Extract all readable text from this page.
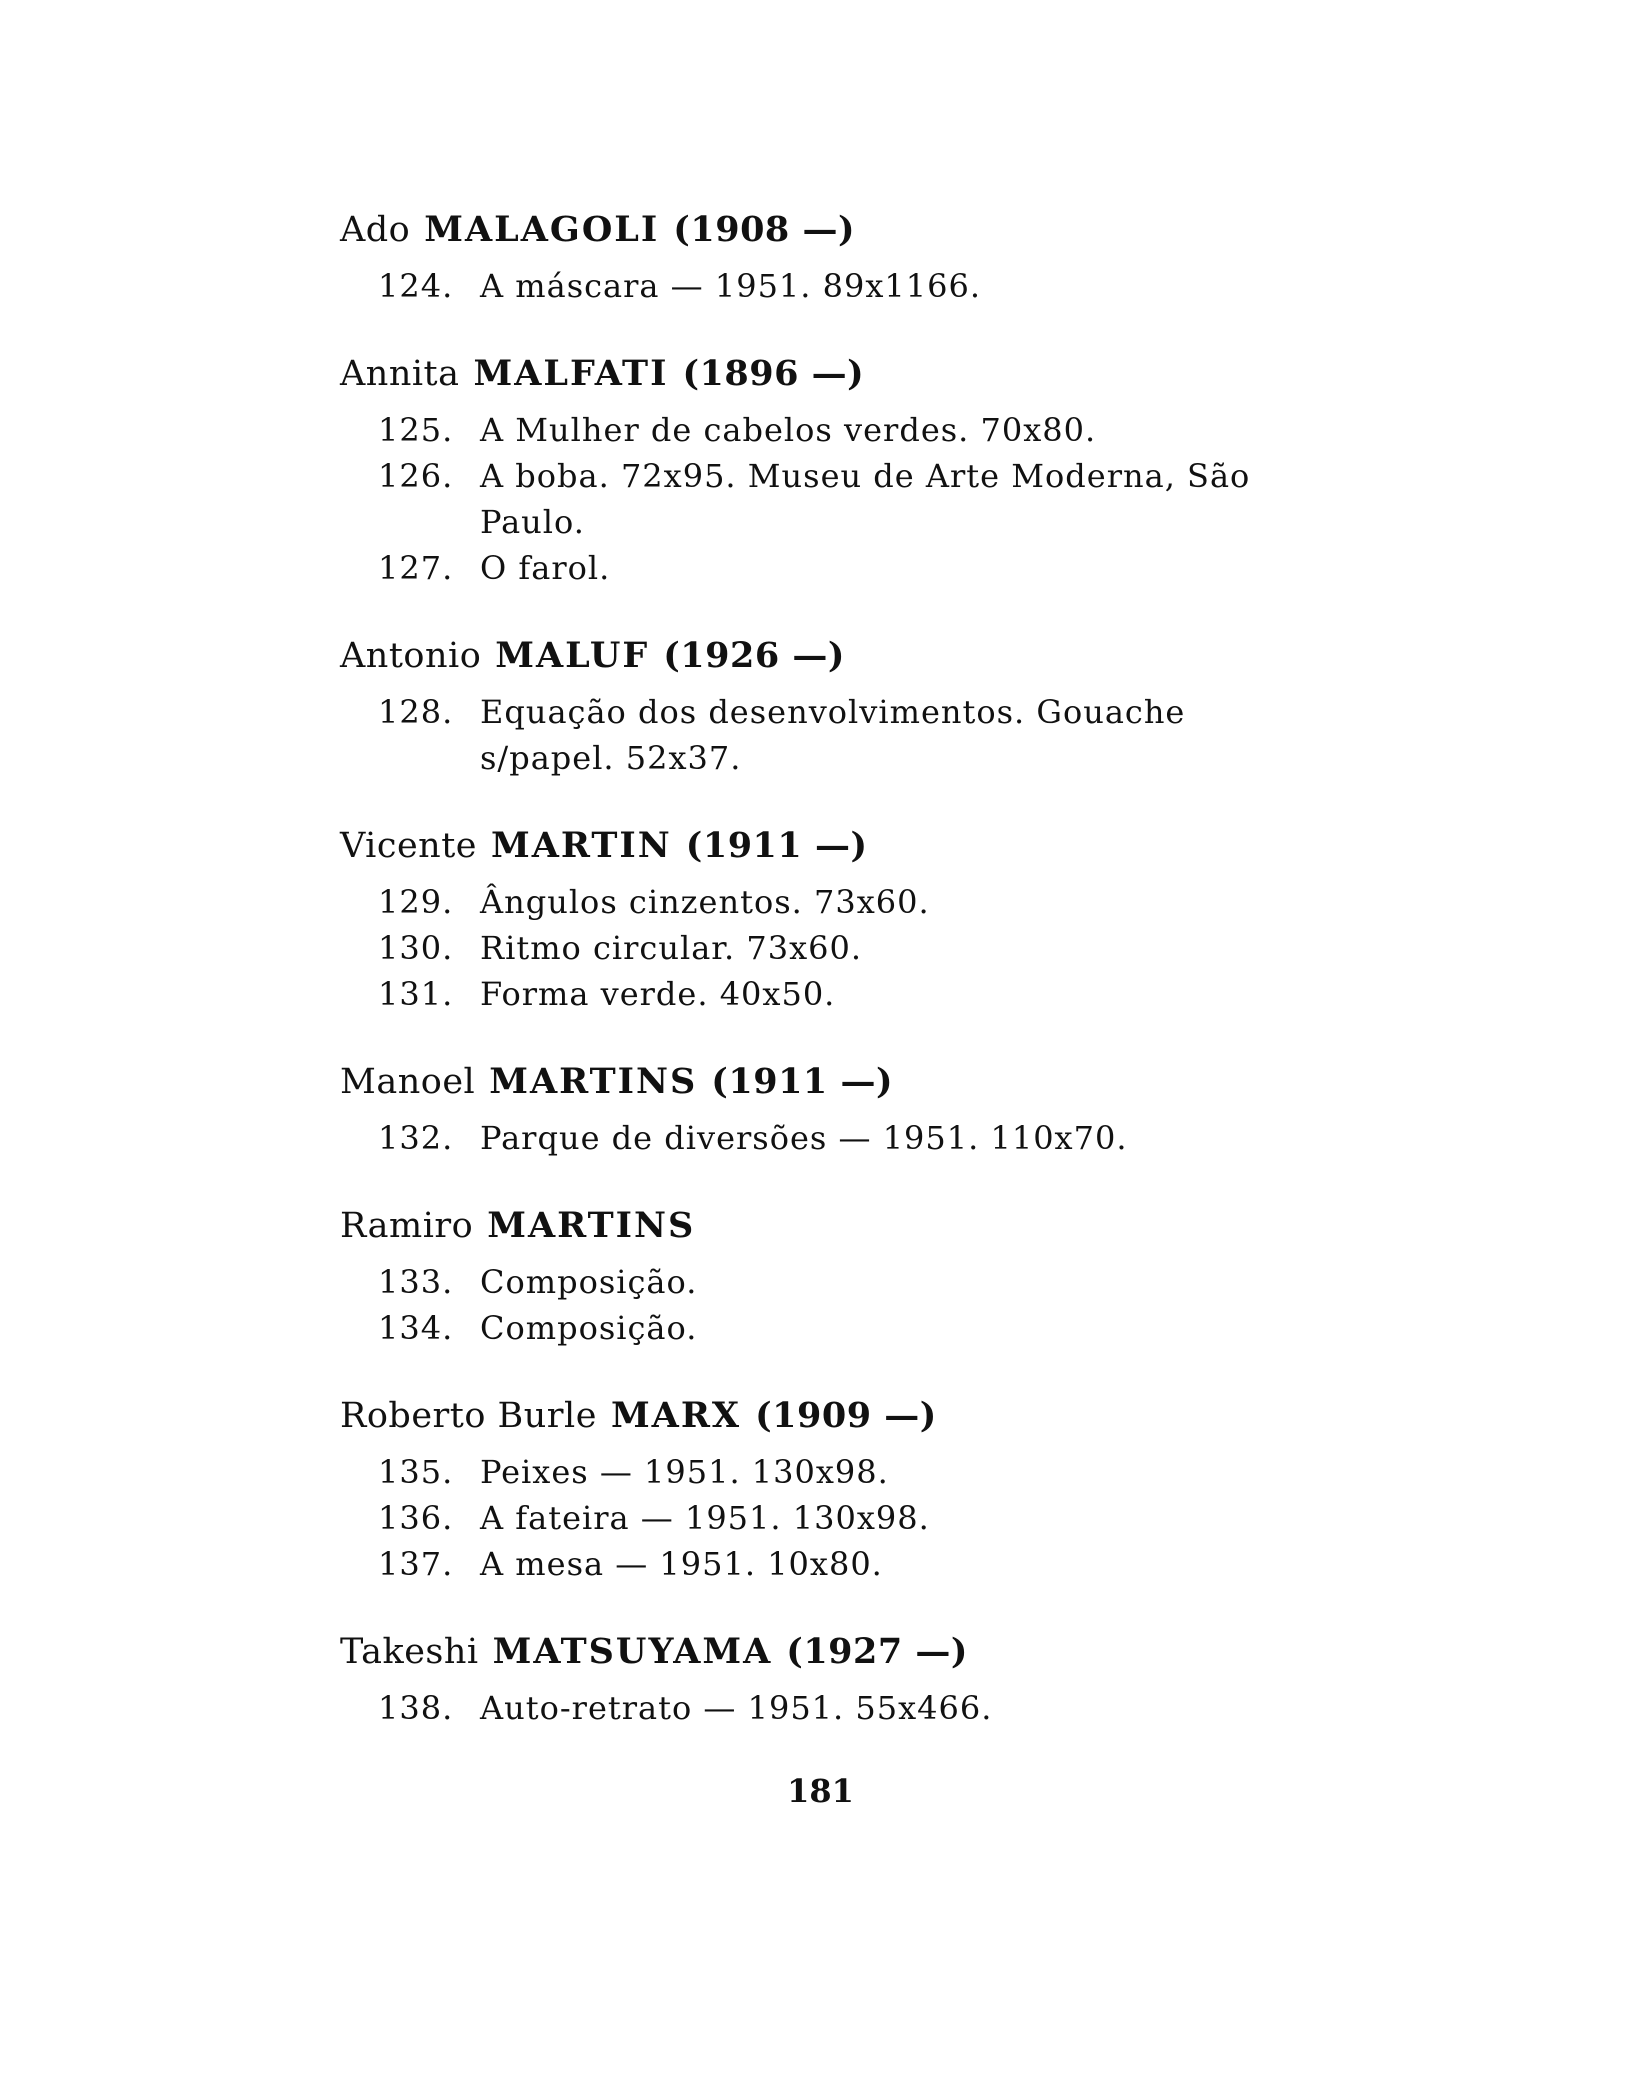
Ado MALAGOLI (1908 —)

124. A máscara — 1951. 89x1166.

Annita MALFATI (1896 —)

125. A Mulher de cabelos verdes. 70x80.
126. A boba. 72x95. Museu de Arte Moderna, São Paulo.
127. O farol.

Antonio MALUF (1926 —)

128. Equação dos desenvolvimentos. Gouache s/papel. 52x37.

Vicente MARTIN (1911 —)

129. Ângulos cinzentos. 73x60.
130. Ritmo circular. 73x60.
131. Forma verde. 40x50.

Manoel MARTINS (1911 —)

132. Parque de diversões — 1951. 110x70.

Ramiro MARTINS

133. Composição.
134. Composição.

Roberto Burle MARX (1909 —)

135. Peixes — 1951. 130x98.
136. A fateira — 1951. 130x98.
137. A mesa — 1951. 10x80.

Takeshi MATSUYAMA (1927 —)

138. Auto-retrato — 1951. 55x466.
181
